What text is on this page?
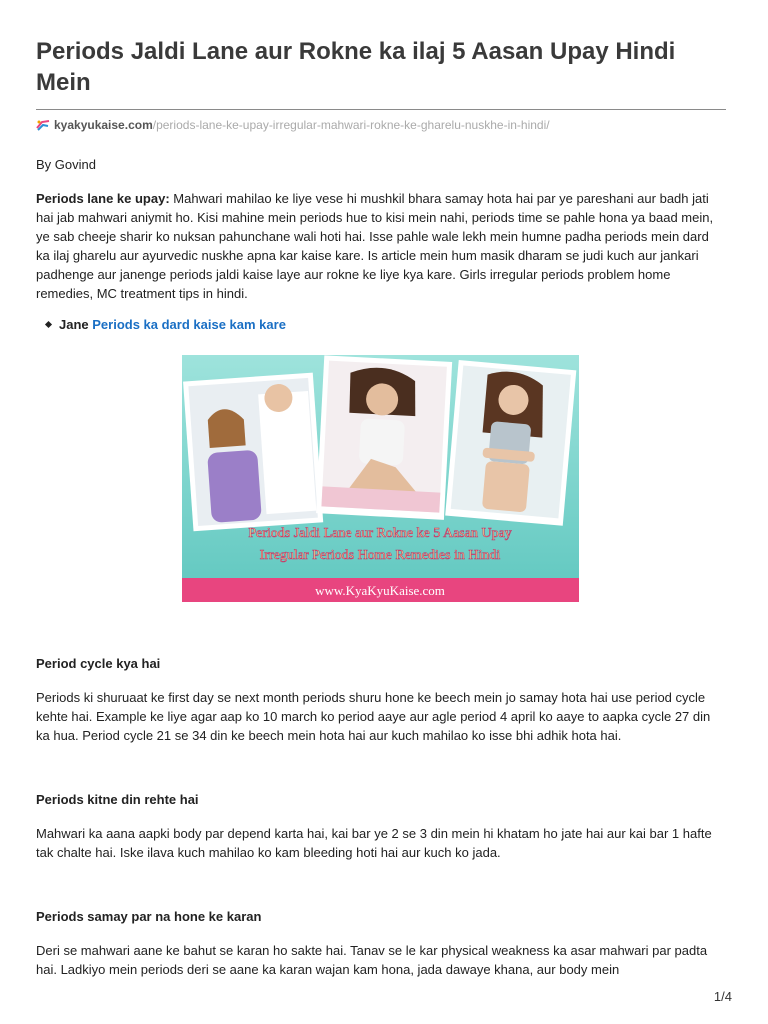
Periods Jaldi Lane aur Rokne ka ilaj 5 Aasan Upay Hindi Mein
kyakyukaise.com/periods-lane-ke-upay-irregular-mahwari-rokne-ke-gharelu-nuskhe-in-hindi/
By Govind

Periods lane ke upay: Mahwari mahilao ke liye vese hi mushkil bhara samay hota hai par ye pareshani aur badh jati hai jab mahwari aniymit ho. Kisi mahine mein periods hue to kisi mein nahi, periods time se pahle hona ya baad mein, ye sab cheeje sharir ko nuksan pahunchane wali hoti hai. Isse pahle wale lekh mein humne padha periods mein dard ka ilaj gharelu aur ayurvedic nuskhe apna kar kaise kare. Is article mein hum masik dharam se judi kuch aur jankari padhenge aur janenge periods jaldi kaise laye aur rokne ke liye kya kare. Girls irregular periods problem home remedies, MC treatment tips in hindi.

Jane Periods ka dard kaise kam kare
Periods Jaldi Lane aur Rokne ke 5 Aasan Upay
Irregular Periods Home Remedies in Hindi
www.KyaKyuKaise.com
Period cycle kya hai

Periods ki shuruaat ke first day se next month periods shuru hone ke beech mein jo samay hota hai use period cycle kehte hai. Example ke liye agar aap ko 10 march ko period aaye aur agle period 4 april ko aaye to aapka cycle 27 din ka hua. Period cycle 21 se 34 din ke beech mein hota hai aur kuch mahilao ko isse bhi adhik hota hai.

Periods kitne din rehte hai

Mahwari ka aana aapki body par depend karta hai, kai bar ye 2 se 3 din mein hi khatam ho jate hai aur kai bar 1 hafte tak chalte hai. Iske ilava kuch mahilao ko kam bleeding hoti hai aur kuch ko jada.

Periods samay par na hone ke karan

Deri se mahwari aane ke bahut se karan ho sakte hai. Tanav se le kar physical weakness ka asar mahwari par padta hai. Ladkiyo mein periods deri se aane ka karan wajan kam hona, jada dawaye khana, aur body mein

1/4
